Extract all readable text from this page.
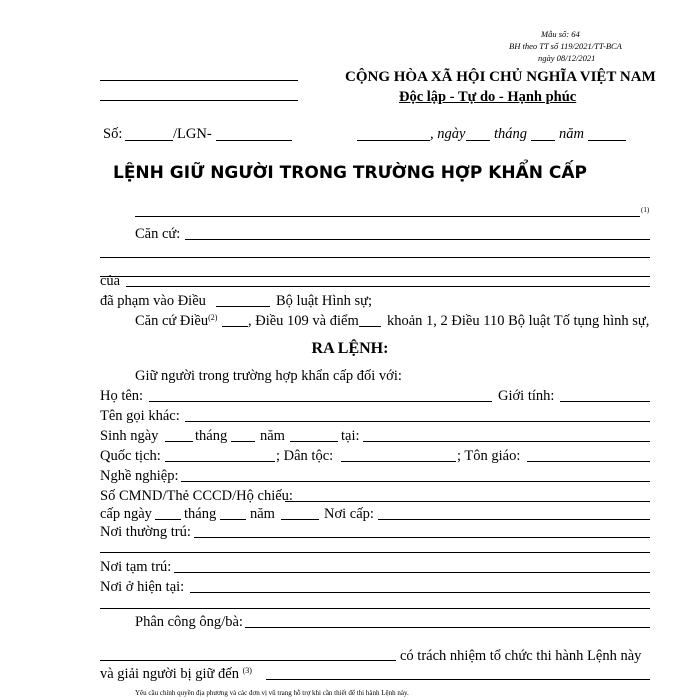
Mẫu số: 64
BH theo TT số 119/2021/TT-BCA
ngày 08/12/2021
CỘNG HÒA XÃ HỘI CHỦ NGHĨA VIỆT NAM
Độc lập - Tự do - Hạnh phúc
Số:	/LGN-	, ngày tháng năm
LỆNH GIỮ NGƯỜI TRONG TRƯỜNG HỢP KHẨN CẤP
(1)
Căn cứ:
của
đã phạm vào Điều	Bộ luật Hình sự;
Căn cứ Điều$^{(2)}$ , Điều 109 và điểm khoản 1, 2 Điều 110 Bộ luật Tố tụng hình sự,
RA LỆNH:
Giữ người trong trường hợp khẩn cấp đối với:
Họ tên:	Giới tính:
Tên gọi khác:
Sinh ngày	tháng năm	tại:
Quốc tịch:	; Dân tộc:	; Tôn giáo:
Nghề nghiệp:
Số CMND/Thẻ CCCD/Hộ chiếu:
cấp ngày tháng năm	Nơi cấp:
Nơi thường trú:
Nơi tạm trú:
Nơi ở hiện tại:
Phân công ông/bà:
có trách nhiệm tổ chức thi hành Lệnh này
và giải người bị giữ đến $^{(3)}$
Yêu cầu chính quyền địa phương và các đơn vị vũ trang hỗ trợ khi cần thiết để thi hành Lệnh này.
